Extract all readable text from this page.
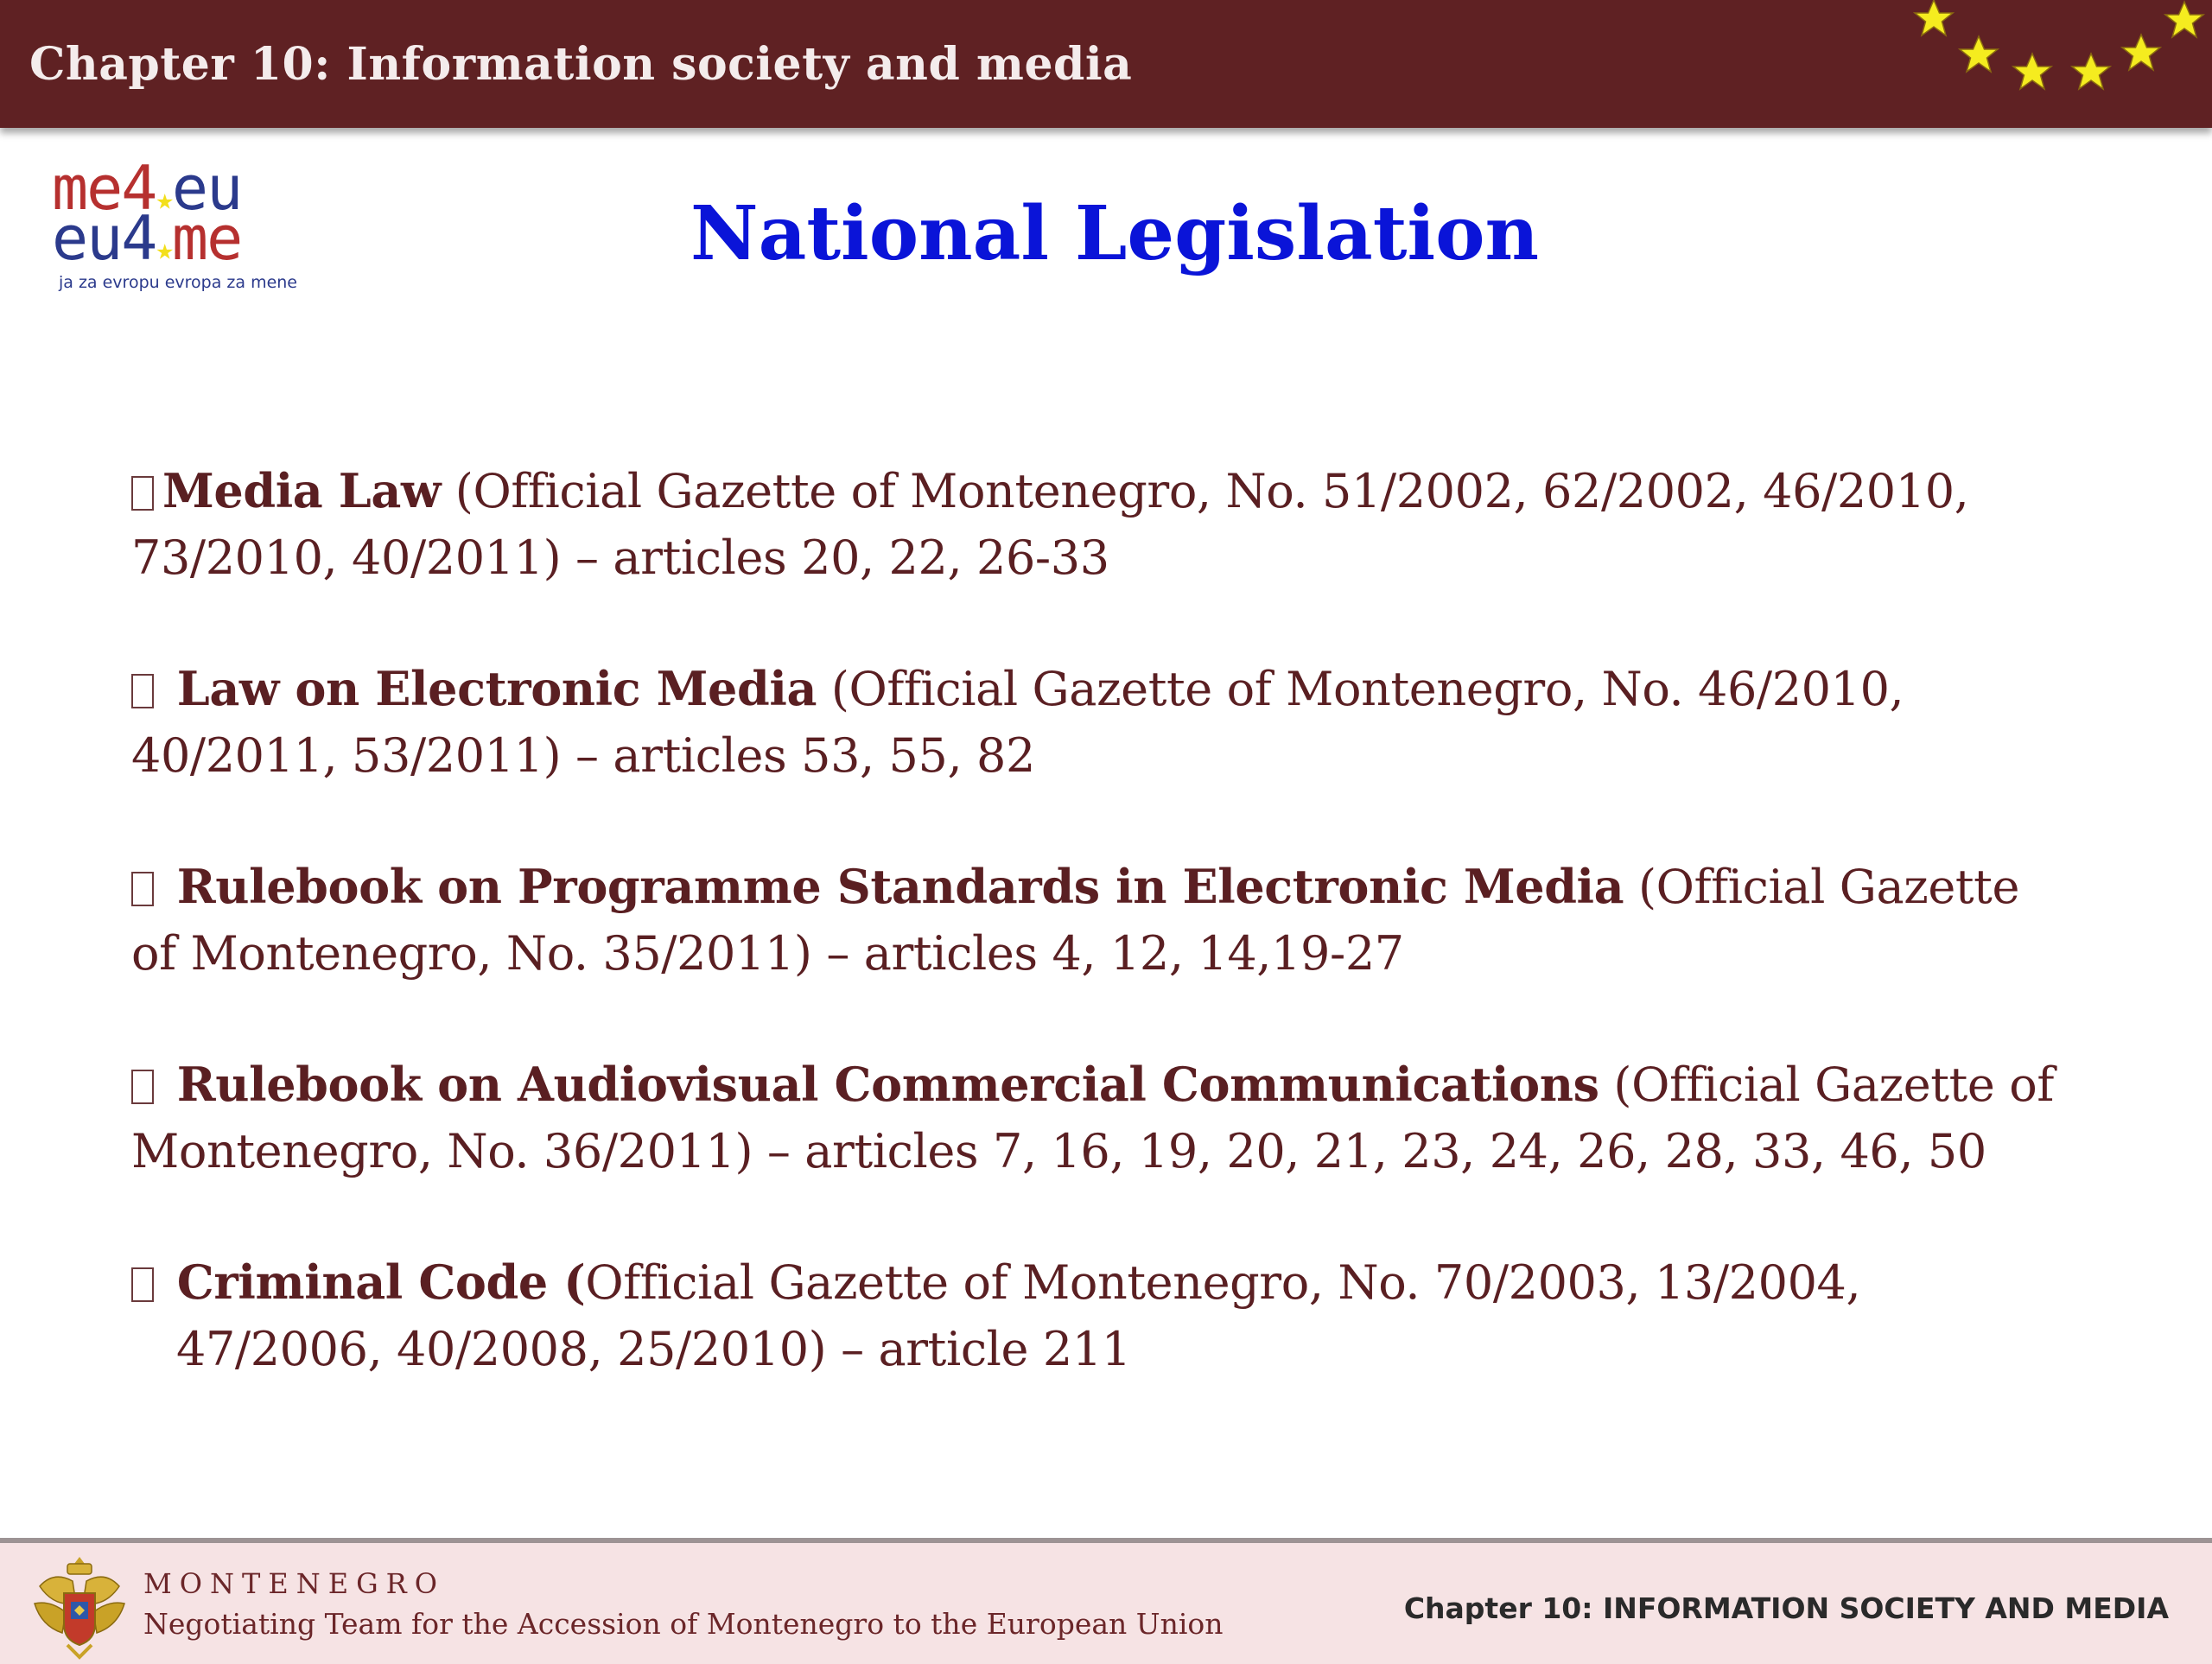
Chapter 10: Information society and media
me4★eu
eu4★me
ja za evropu evropa za mene
National Legislation
Media Law (Official Gazette of Montenegro, No. 51/2002, 62/2002, 46/2010, 73/2010, 40/2011) – articles 20, 22, 26-33
Law on Electronic Media (Official Gazette of Montenegro, No. 46/2010, 40/2011, 53/2011) – articles 53, 55, 82
Rulebook on Programme Standards in Electronic Media (Official Gazette of Montenegro, No. 35/2011) – articles 4, 12, 14,19-27
Rulebook on Audiovisual Commercial Communications (Official Gazette of Montenegro, No. 36/2011) – articles 7, 16, 19, 20, 21, 23, 24, 26, 28, 33, 46, 50
Criminal Code (Official Gazette of Montenegro, No. 70/2003, 13/2004,
47/2006, 40/2008, 25/2010) – article 211
MONTENEGRO
Negotiating Team for the Accession of Montenegro to the European Union	Chapter 10: INFORMATION SOCIETY AND MEDIA
